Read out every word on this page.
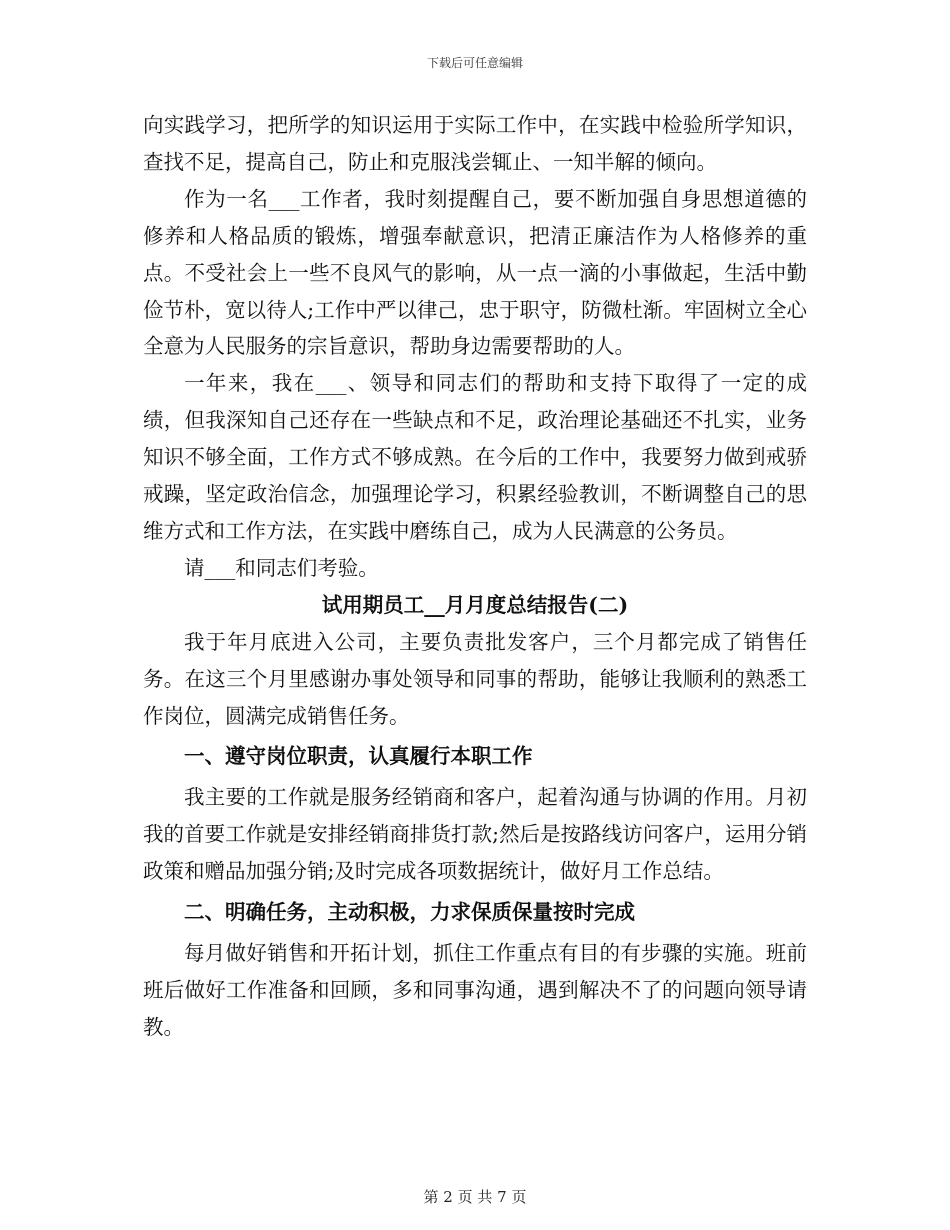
下载后可任意编辑

向实践学习，把所学的知识运用于实际工作中，在实践中检验所学知识，查找不足，提高自己，防止和克服浅尝辄止、一知半解的倾向。

作为一名___工作者，我时刻提醒自己，要不断加强自身思想道德的修养和人格品质的锻炼，增强奉献意识，把清正廉洁作为人格修养的重点。不受社会上一些不良风气的影响，从一点一滴的小事做起，生活中勤俭节朴，宽以待人;工作中严以律己，忠于职守，防微杜渐。牢固树立全心全意为人民服务的宗旨意识，帮助身边需要帮助的人。

一年来，我在___、领导和同志们的帮助和支持下取得了一定的成绩，但我深知自己还存在一些缺点和不足，政治理论基础还不扎实，业务知识不够全面，工作方式不够成熟。在今后的工作中，我要努力做到戒骄戒躁，坚定政治信念，加强理论学习，积累经验教训，不断调整自己的思维方式和工作方法，在实践中磨练自己，成为人民满意的公务员。

请___和同志们考验。

试用期员工__月月度总结报告(二)

我于年月底进入公司，主要负责批发客户，三个月都完成了销售任务。在这三个月里感谢办事处领导和同事的帮助，能够让我顺利的熟悉工作岗位，圆满完成销售任务。

一、遵守岗位职责，认真履行本职工作

我主要的工作就是服务经销商和客户，起着沟通与协调的作用。月初我的首要工作就是安排经销商排货打款;然后是按路线访问客户，运用分销政策和赠品加强分销;及时完成各项数据统计，做好月工作总结。

二、明确任务，主动积极，力求保质保量按时完成

每月做好销售和开拓计划，抓住工作重点有目的有步骤的实施。班前班后做好工作准备和回顾，多和同事沟通，遇到解决不了的问题向领导请教。

第 2 页 共 7 页
